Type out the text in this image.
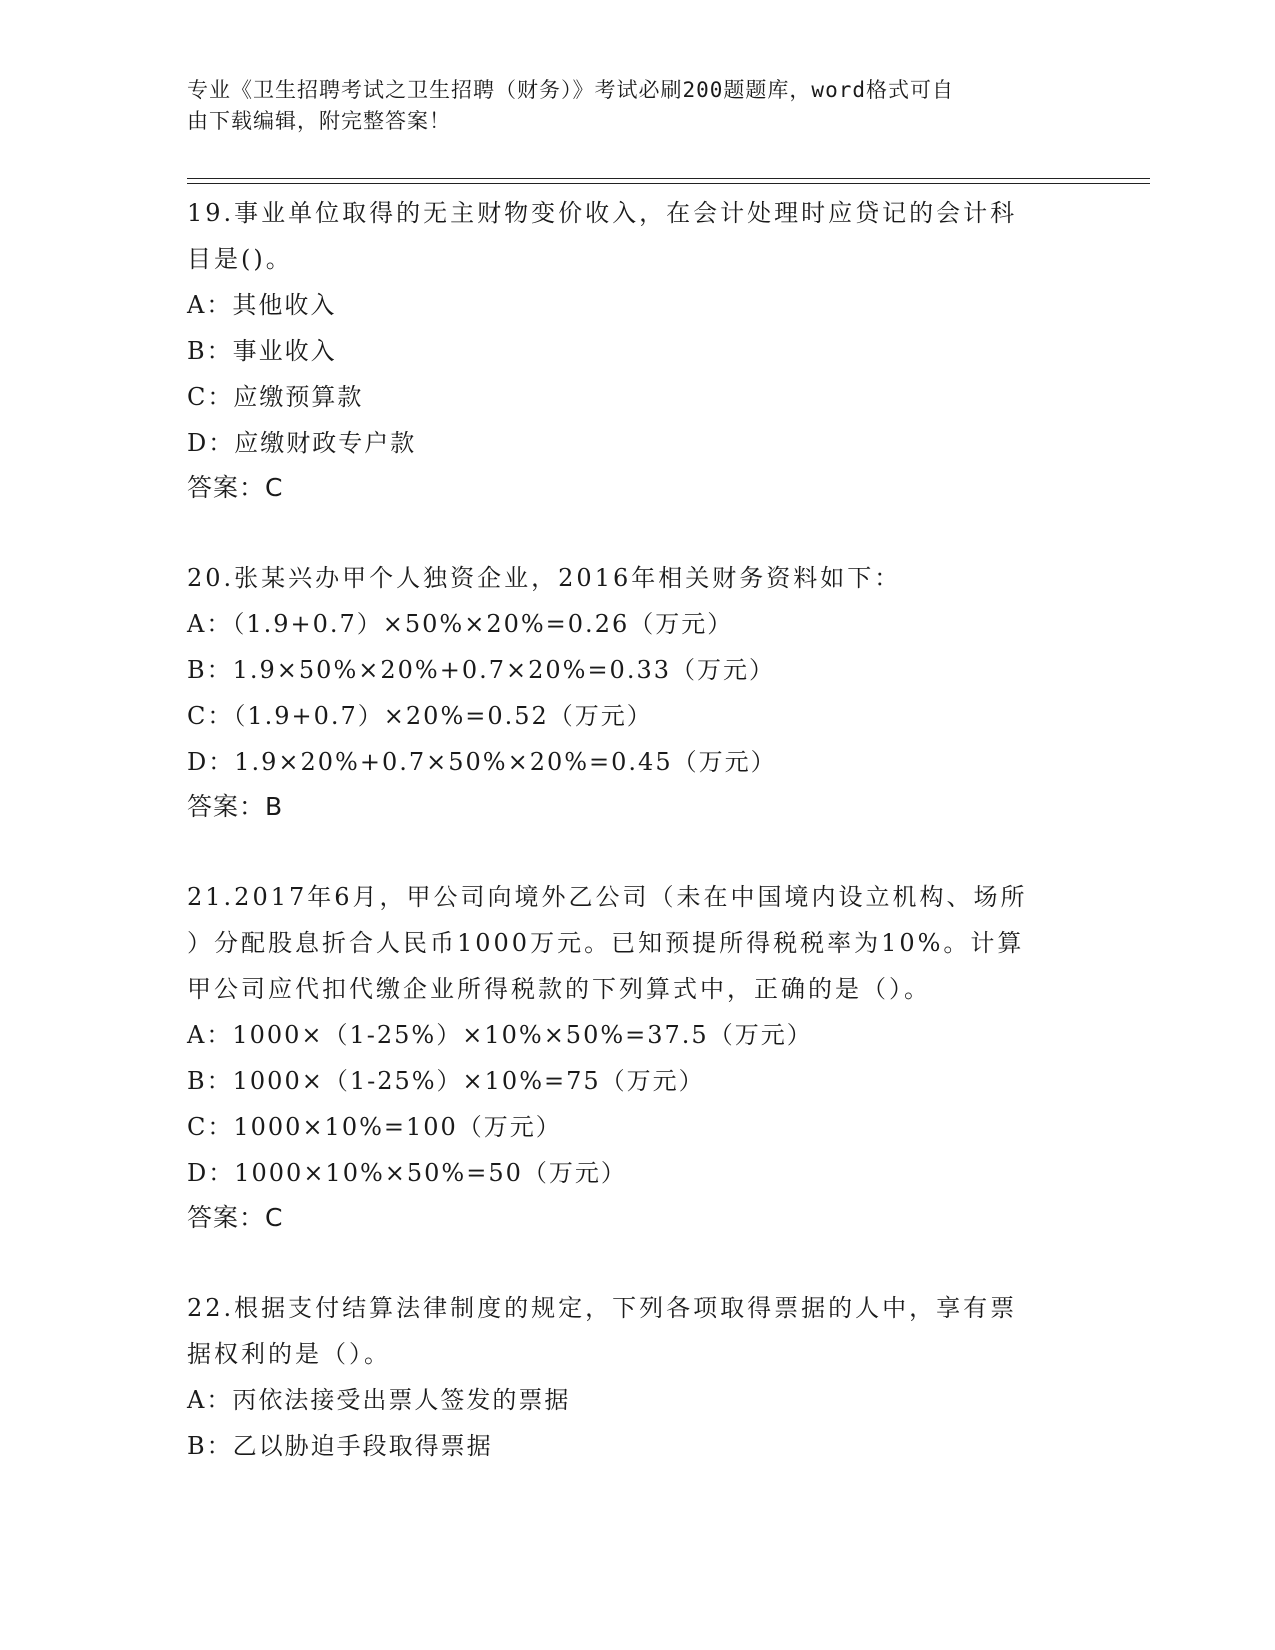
专业《卫生招聘考试之卫生招聘（财务）》考试必刷200题题库，word格式可自
由下载编辑，附完整答案！

19.事业单位取得的无主财物变价收入，在会计处理时应贷记的会计科

目是()。

A：其他收入

B：事业收入

C：应缴预算款

D：应缴财政专户款

答案：C

20.张某兴办甲个人独资企业，2016年相关财务资料如下：

A：（1.9+0.7）×50%×20%=0.26（万元）

B：1.9×50%×20%+0.7×20%=0.33（万元）

C：（1.9+0.7）×20%=0.52（万元）

D：1.9×20%+0.7×50%×20%=0.45（万元）

答案：B

21.2017年6月，甲公司向境外乙公司（未在中国境内设立机构、场所

）分配股息折合人民币1000万元。已知预提所得税税率为10%。计算

甲公司应代扣代缴企业所得税款的下列算式中，正确的是（）。

A：1000×（1-25%）×10%×50%=37.5（万元）

B：1000×（1-25%）×10%=75（万元）

C：1000×10%=100（万元）

D：1000×10%×50%=50（万元）

答案：C

22.根据支付结算法律制度的规定，下列各项取得票据的人中，享有票

据权利的是（）。

A：丙依法接受出票人签发的票据

B：乙以胁迫手段取得票据
